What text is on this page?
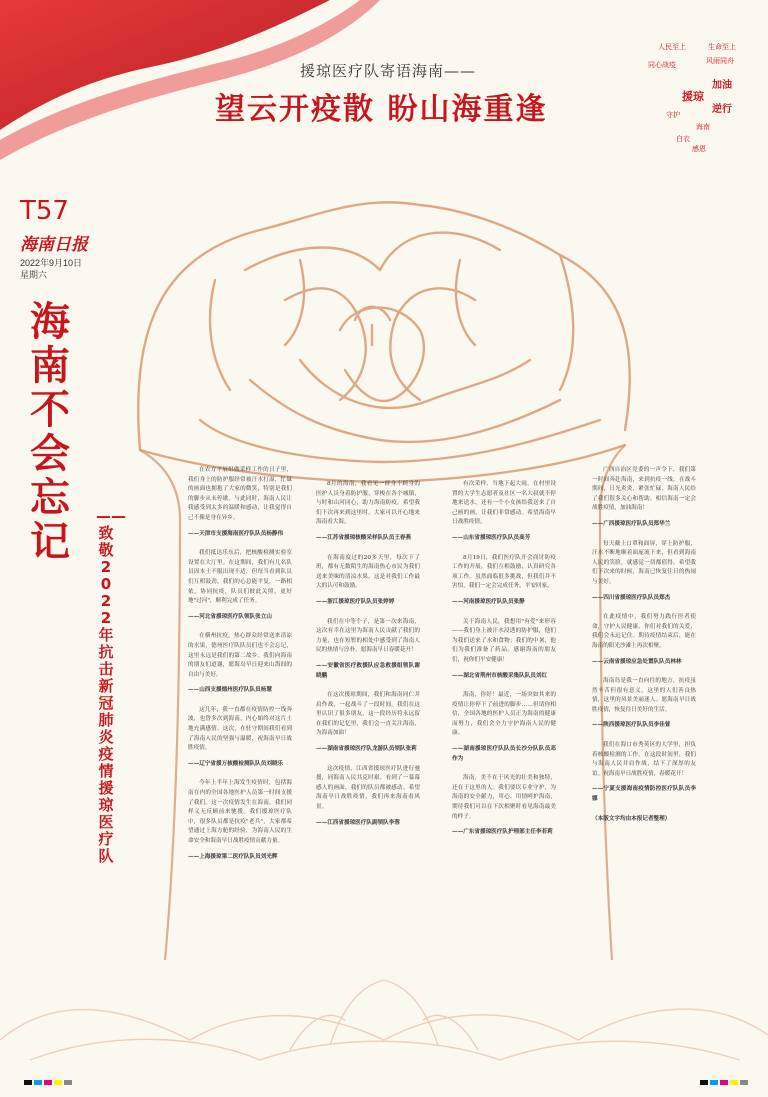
援琼医疗队寄语海南——
望云开疫散 盼山海重逢
人民至上	生命至上
风雨同舟
同心战疫
加油
援琼
逆行
守护
海南
白衣
感恩
T57
海南日报
2022年9月10日
星期六
海南不会忘记
——致敬2022年抗击新冠肺炎疫情援琼医疗队

在农方平展组做采样工作的日子里，我们身上的防护服经常被汗水打湿，忙碌的画面也拥抱了大家的微笑，特别是我们的脚步从未停歇。与此同时，海南人民让我感受到太多的温暖和感动，让我觉得自己不像是身在异乡。

——天津市支援海南医疗队队员杨静伟

我们抵达乐东后，把核酸检测实验室设置在大厅里。在这期间，我们有几名队员因本土不服出现不适，但每当看到队员们互相鼓劲，我们的心总能平复，一路相依，协同抗疫，队员们彼此关照，更好地"过河"，顺利完成了任务。

——河北省援琼医疗队领队张立山

在横州抗疫，热心群众经常送来清凉的水果，德州医疗队队员们也不会忘记，这里永远是我们的第二故乡。我们向海南的朋友们道谢，愿海岛早日迎来山海间的自由与美好。

——山西支援德州医疗队队员杨慧

这几年，我一直都在疫情防控一线奔波，也曾多次到海南，内心始终对这片土地充满感情。这次，在驻守期间我们看到了海南人民的坚强与温暖，祝海南早日战胜疫情。

——辽宁省援万核酸检测队队员刘晓乐

今年上半年上海发生疫情时，包括海南在内的全国各地医护人员第一时间支援了我们。这一次疫情发生在海南，我们同样义无反顾前来驰援。我们援琼医疗队中，很多队员都是抗疫"老兵"，大家都希望通过上海方舱的经验，为海南人民的生命安全和海南早日战胜疫情贡献力量。

——上海援琼第二医疗队队员刘光辉

8月的海南，我看见一群身不顾身的医护人员身着防护服，穿梭在各个城镇，与时和山河同心，助力海南防疫。希望我们下次再来到这里时，大家可以开心地来海南看大海。

——江苏省援琼核酸采样队队员王春燕

在海南度过的20多天里，每次下了班，都有无数陌生的海南热心市民为我们送来美味的清凉水果，这是对我们工作最大的认可和鼓励。

——浙江援琼医疗队队员张婷婷

我们在中等个子，是第一次来海南，这次有幸在这里为海南人民贡献了我们的力量，也在短暂的相处中感受到了海南人民的热情与淳朴。愿海南早日春暖花开！

——安徽省医疗救援队应急救援组领队谢晓鹏

在这次援琼期间，我们和海南同仁并肩作战，一起战斗了一段时间。我们在这里认识了很多朋友，这一段经历将永远留在我们的记忆里，我们会一直关注海南，为海南加油！

——湖南省援琼医疗队龙游队员领队张莉

这次疫情，江西省援琼医疗队进行驰援，同海南人民共克时艰。看到了一幕幕感人的画面，我们的队员都被感动。希望海南早日战胜疫情，我们再来海南看风景。

——江西省援琼医疗队副领队李蓉

有次采样，当地下起大雨，在村里设置的大学生志愿者及社区一名大叔就不停地来送水，还有一个小女孩给我送来了自己画的画，让我们非常感动。希望海南早日战胜疫情。

——山东省援琼医疗队队员高芳

8月19日，我们医疗队开会商讨防疫工作的开展，我们互相鼓励，认真研究各项工作。虽然面临很多挑战，但我们并不害怕，我们一定会完成任务，平安回家。

——河南援琼医疗队队员张静

关于海南人民，我想用"有爱"来形容——我们身上被汗水浸透的防护服，他们为我们送来了水和食物；我们的中暑，他们为我们准备了药品。感谢海南的朋友们，祝你们平安健康！

——湖北省荆州市核酸采集队队员刘红

海南，你好！最近，一场突如其来的疫情让你停下了前进的脚步……但请你相信，全国各地的医护人员正为海南的健康而努力，我们会全力守护海南人民的健康。

——湖南援琼医疗队队员长沙分队队员邓作为

海南，美不在于风光的壮美和独特，还在于这里的人。我们要以专业守护，为海南的安全献力，用心、用情呵护海南，期待我们可以在下次相聚时看见海南最美的样子。

——广东省援琼医疗队护理部主任李若莉

广西自治区党委的一声令下，我们第一时间奔赴海南，来到抗疫一线。在战斗期间，日光炎炎，紧张忙碌，海南人民给了我们很多关心和帮助。相信海南一定会战胜疫情，加油海南！

——广西援琼医疗队队员郑华兰

每天戴上口罩和面屏，穿上防护服，汗水不断地顺着面庞流下来，但看到海南人民的笑脸，就感觉一切都值得。希望我们下次来的时候，海南已恢复往日的热闹与美好。

——四川省援琼医疗队队员郑杰

在此疫情中，我们努力践行医者使命，守护人民健康。你们对我们的关爱，我们会永远记住。期待疫情结束后，能在海南的阳光沙滩上再次相聚。

——云南省援琼应急处置队队员林林

海南岛是我一直向往的地方，抗疫虽然辛苦但很有意义。这里的人们善良热情，这里的风景美丽迷人。愿海南早日战胜疫情，恢复往日美好的生活。

——陕西援琼医疗队队员李佳萱

我们在海口市秀英区的大学里，担负着核酸检测的工作。在这段时间里，我们与海南人民并肩作战，结下了深厚的友谊。祝海南早日战胜疫情，春暖花开！

——宁夏支援海南疫情防控医疗队队员李娜

（本版文字均由本报记者整理）
